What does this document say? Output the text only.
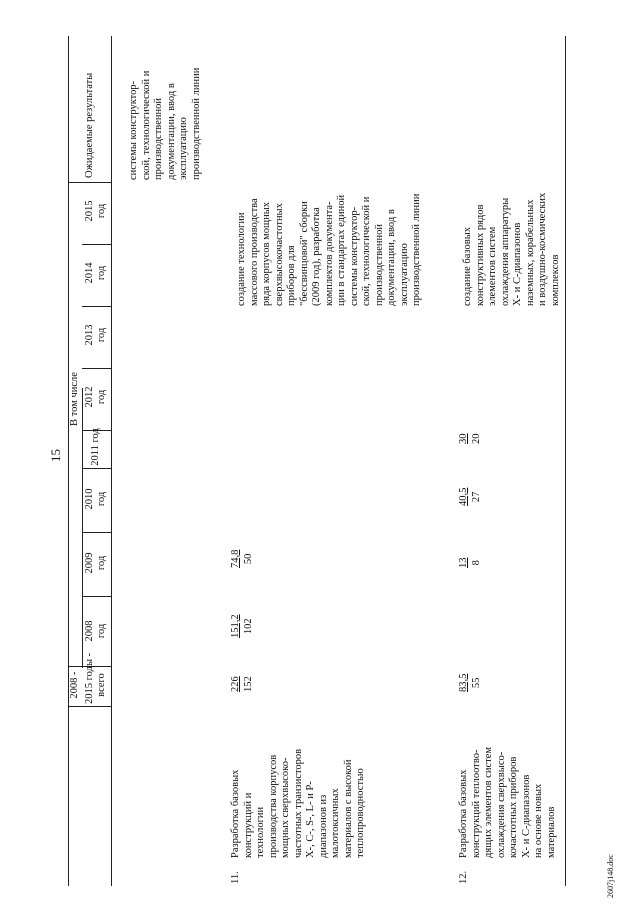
15
2607j148.doc
2008 - 2015 годы - всего
В том числе
2008
год
2009
год
2010
год
2011 год
2012
год
2013
год
2014
год
2015
год
Ожидаемые результаты	системы конструктор-
ской, технологической и
производственной
документации, ввод в
эксплуатацию
производственной линии
11.
Разработка базовых
конструкций и
технологии
производства корпусов
мощных сверхвысоко-
частотных транзисторов
X-, C-, S-, L- и P-
диапазонов из
малотоксичных
материалов с высокой
теплопроводностью
226 152
151,2 102
74,8 50
создание технологии
массового производства
ряда корпусов мощных
сверхвысокочастотных
приборов для
"бессвинцовой" сборки
(2009 год), разработка
комплектов документа-
ции в стандартах единой
системы конструктор-
ской, технологической и
производственной
документации, ввод в
эксплуатацию
производственной линии
12.
Разработка базовых
конструкций теплоотво-
дящих элементов систем
охлаждения сверхвысо-
кочастотных приборов
X- и C-диапазонов
на основе новых
материалов
83,5 55
13 8
40,5 27
30 20
создание базовых
конструктивных рядов
элементов систем
охлаждения аппаратуры
X- и C-диапазонов
наземных, корабельных
и воздушно-космических
комплексов
